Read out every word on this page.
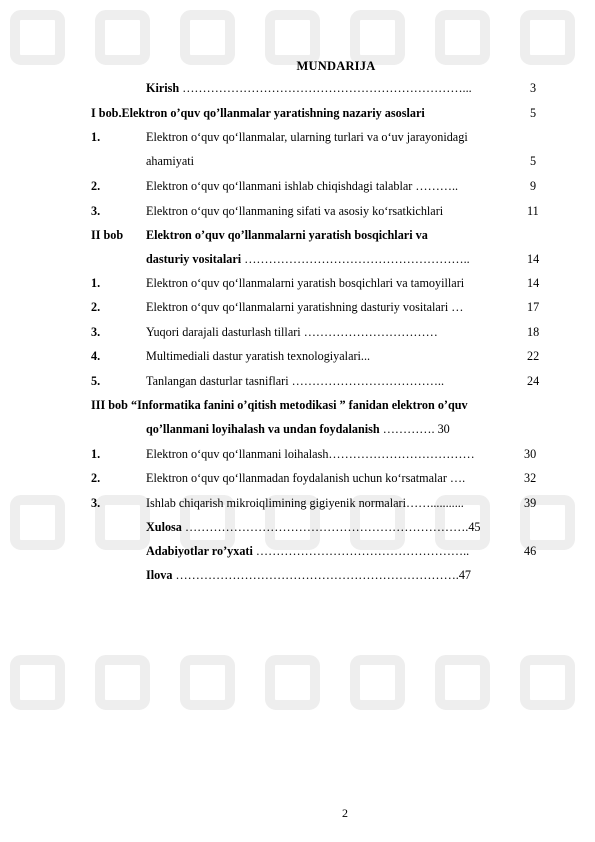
MUNDARIJA
Kirish ……………………………………………………………...	3
I bob.Elektron o’quv qo’llanmalar yaratishning nazariy asoslari	5
1.	Elektron o‘quv qo‘llanmalar, ularning turlari va o‘uv jarayonidagi
ahamiyati	5
2.	Elektron o‘quv qo‘llanmani ishlab chiqishdagi talablar ………..	9
3.	Elektron o‘quv qo‘llanmaning sifati va asosiy ko‘rsatkichlari	11
II bob Elektron o’quv qo’llanmalarni yaratish bosqichlari va
dasturiy vositalari ………………………………………………..	14
1.	Elektron o‘quv qo‘llanmalarni yaratish bosqichlari va tamoyillari	14
2.	Elektron o‘quv qo‘llanmalarni yaratishning dasturiy vositalari …	17
3.	Yuqori darajali dasturlash tillari ……………………………	18
4.	Multimediali dastur yaratish texnologiyalari...	22
5.	Tanlangan dasturlar tasniflari ………………………………..	24
III bob “Informatika fanini o’qitish metodikasi ” fanidan elektron o’quv
qo’llanmani loyihalash va undan foydalanish …………. 30
1.	Elektron o‘quv qo‘llanmani loihalash………………………………	30
2.	Elektron o‘quv qo‘llanmadan foydalanish uchun ko‘rsatmalar ….	32
3.	Ishlab chiqarish mikroiqlimining gigiyenik normalari……...........	39
Xulosa …………………………………………………………….45
Adabiyotlar ro’yxati ……………………………………………..	46
Ilova …………………………………………………………….47
2
